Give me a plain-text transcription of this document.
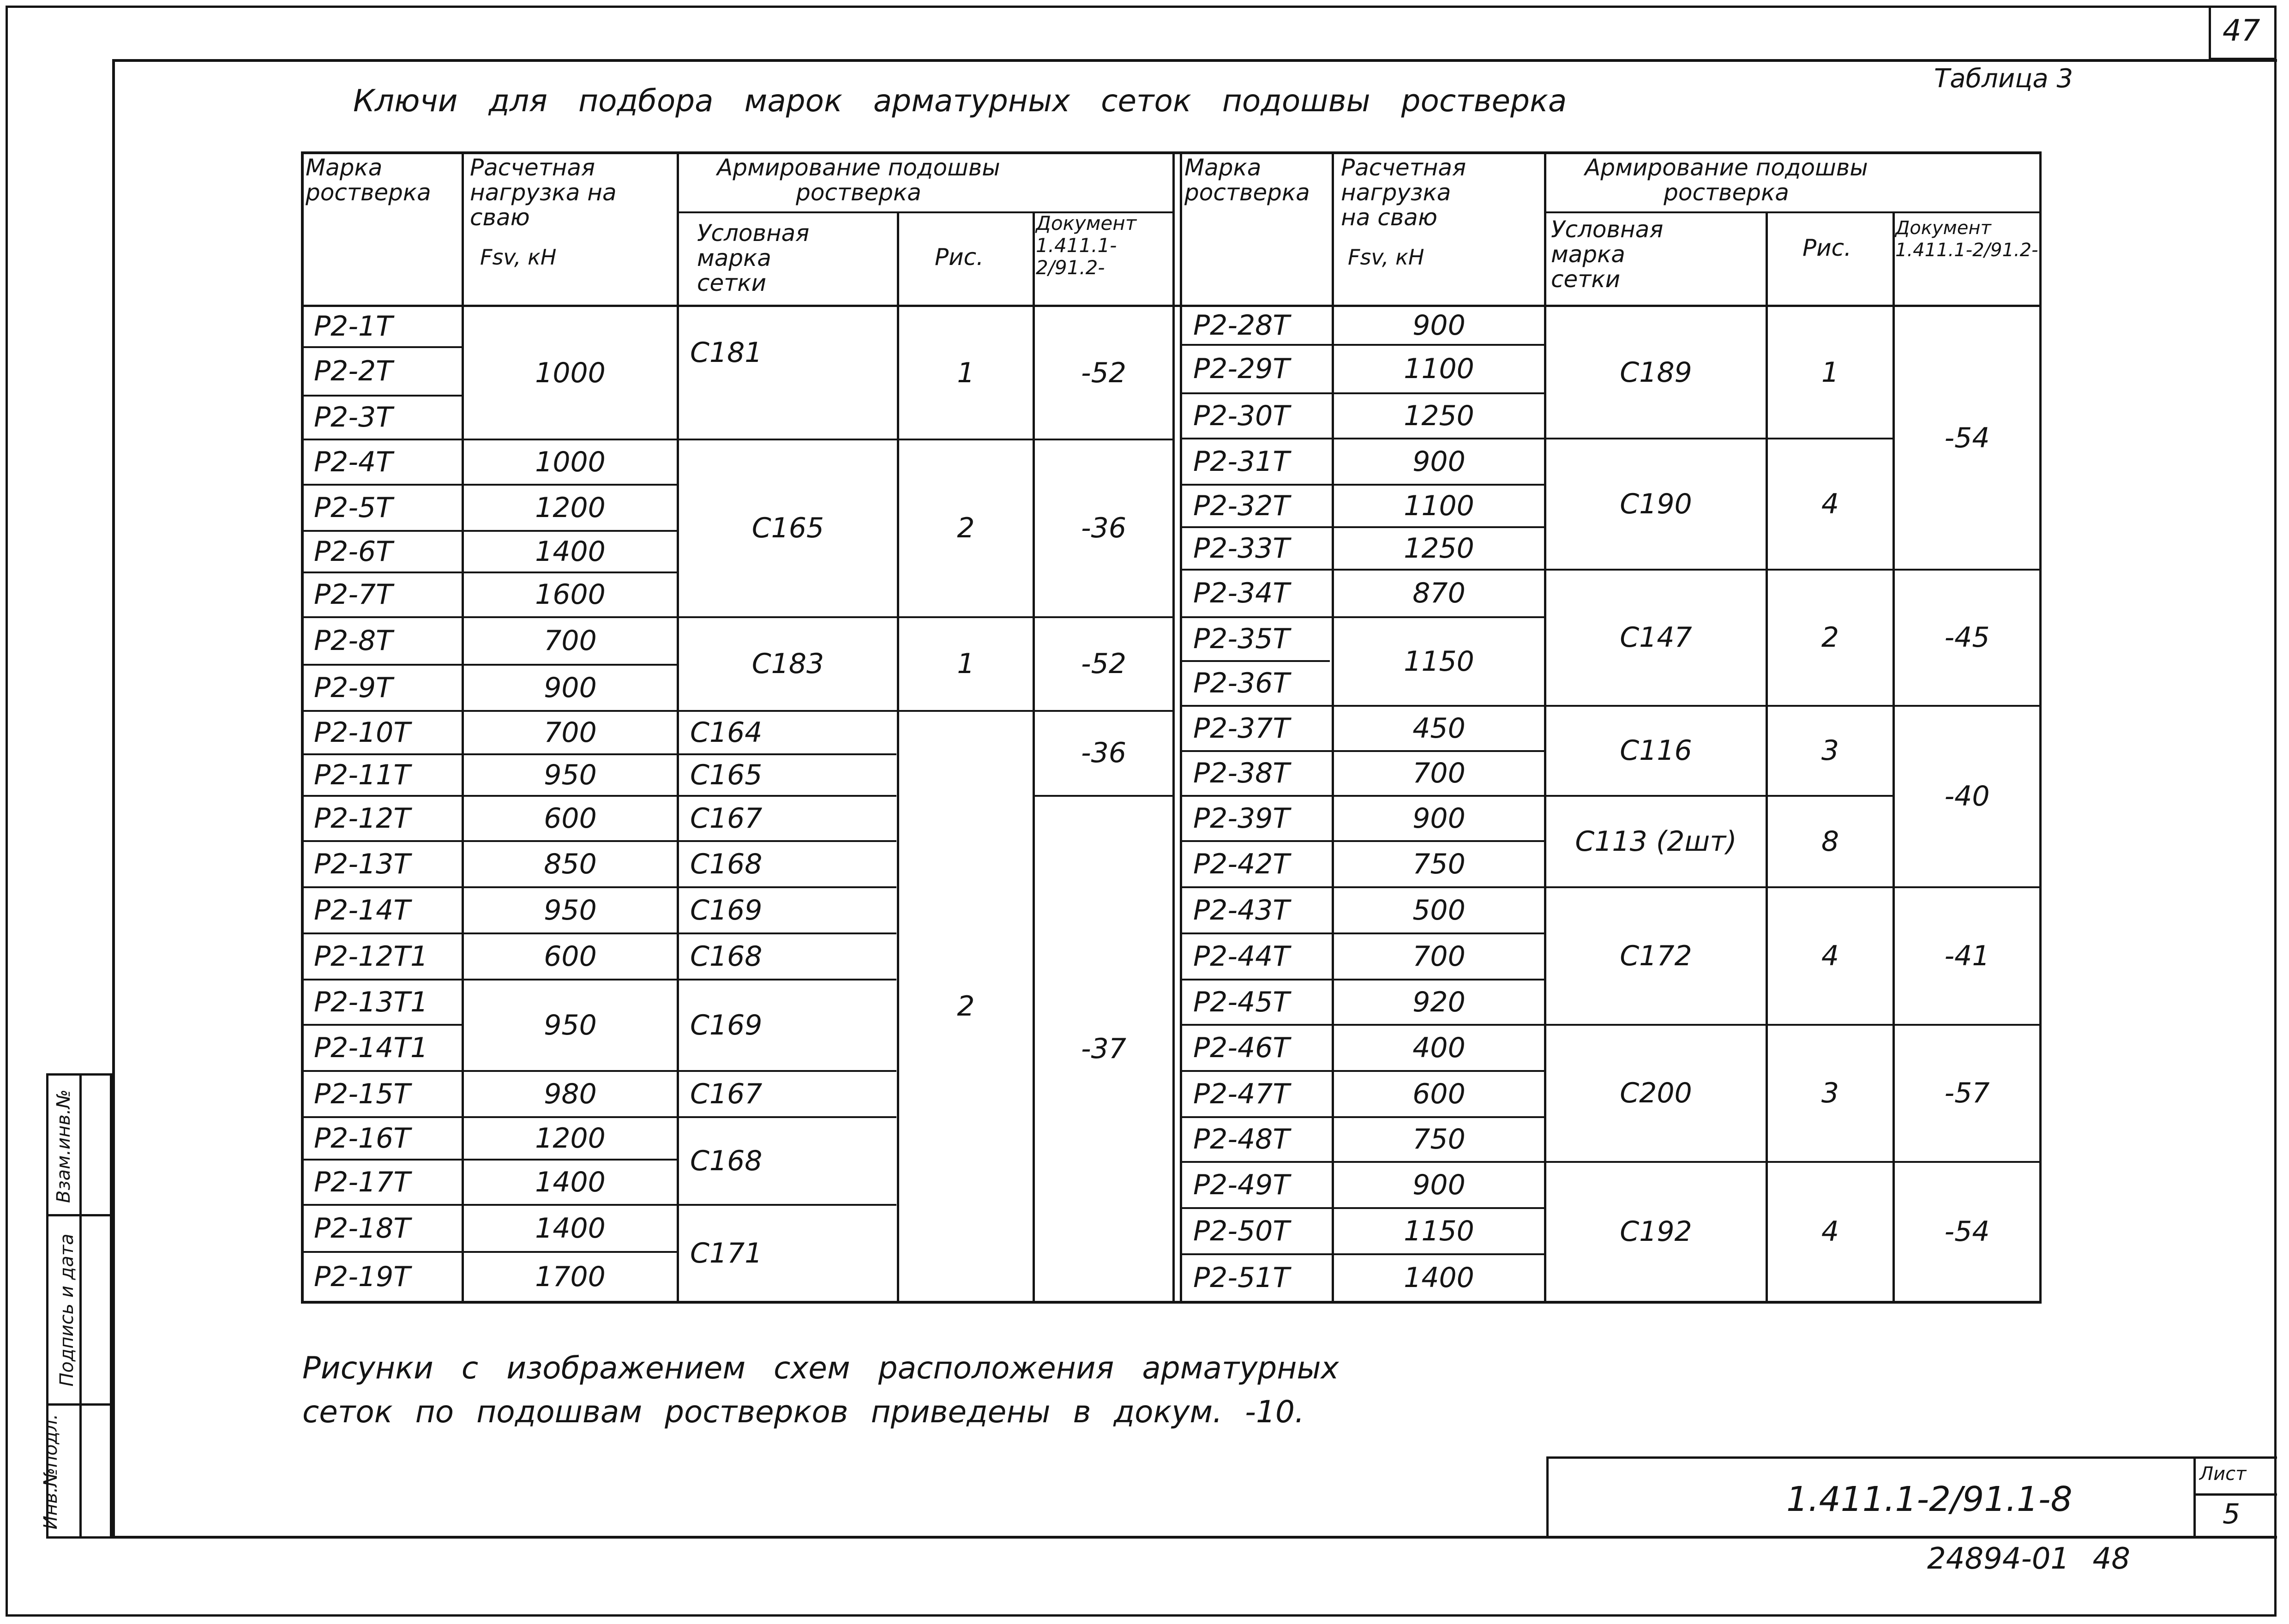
47
Взам.инв.№
Подпись и дата
Инв.№подл.
Ключи для подбора марок арматурных сеток подошвы ростверка
Таблица 3
Марка ростверка
Расчетная нагрузка на сваю
Fsv, кН
Армирование подошвы ростверка
Условная марка сетки
Рис.
Документ 1.411.1-2/91.2-
Марка ростверка
Расчетная нагрузка на сваю
Fsv, кН
Армирование подошвы ростверка
Условная марка сетки
Рис.
Документ 1.411.1-2/91.2-
Р2-1Т
Р2-2Т
Р2-3Т
Р2-4Т
Р2-5Т
Р2-6Т
Р2-7Т
Р2-8Т
Р2-9Т
Р2-10Т
Р2-11Т
Р2-12Т
Р2-13Т
Р2-14Т
Р2-12Т1
Р2-13Т1
Р2-14Т1
Р2-15Т
Р2-16Т
Р2-17Т
Р2-18Т
Р2-19Т
1000
1000
1200
1400
1600
700
900
700
950
600
850
950
600
950
980
1200
1400
1400
1700
С181
С165
С183
С164
С165
С167
С168
С169
С168
С169
С167
С168
С171
1
2
1
2
-52
-36
-52
-36
-37
Р2-28Т
Р2-29Т
Р2-30Т
Р2-31Т
Р2-32Т
Р2-33Т
Р2-34Т
Р2-35Т
Р2-36Т
Р2-37Т
Р2-38Т
Р2-39Т
Р2-42Т
Р2-43Т
Р2-44Т
Р2-45Т
Р2-46Т
Р2-47Т
Р2-48Т
Р2-49Т
Р2-50Т
Р2-51Т
900
1100
1250
900
1100
1250
870
1150
450
700
900
750
500
700
920
400
600
750
900
1150
1400
С189
С190
С147
С116
С113 (2шт)
С172
С200
С192
1
4
2
3
8
4
3
4
-54
-45
-40
-41
-57
-54
Рисунки с изображением схем расположения арматурных
сеток по подошвам ростверков приведены в докум. -10.
1.411.1-2/91.1-8
Лист
5
24894-01 48
